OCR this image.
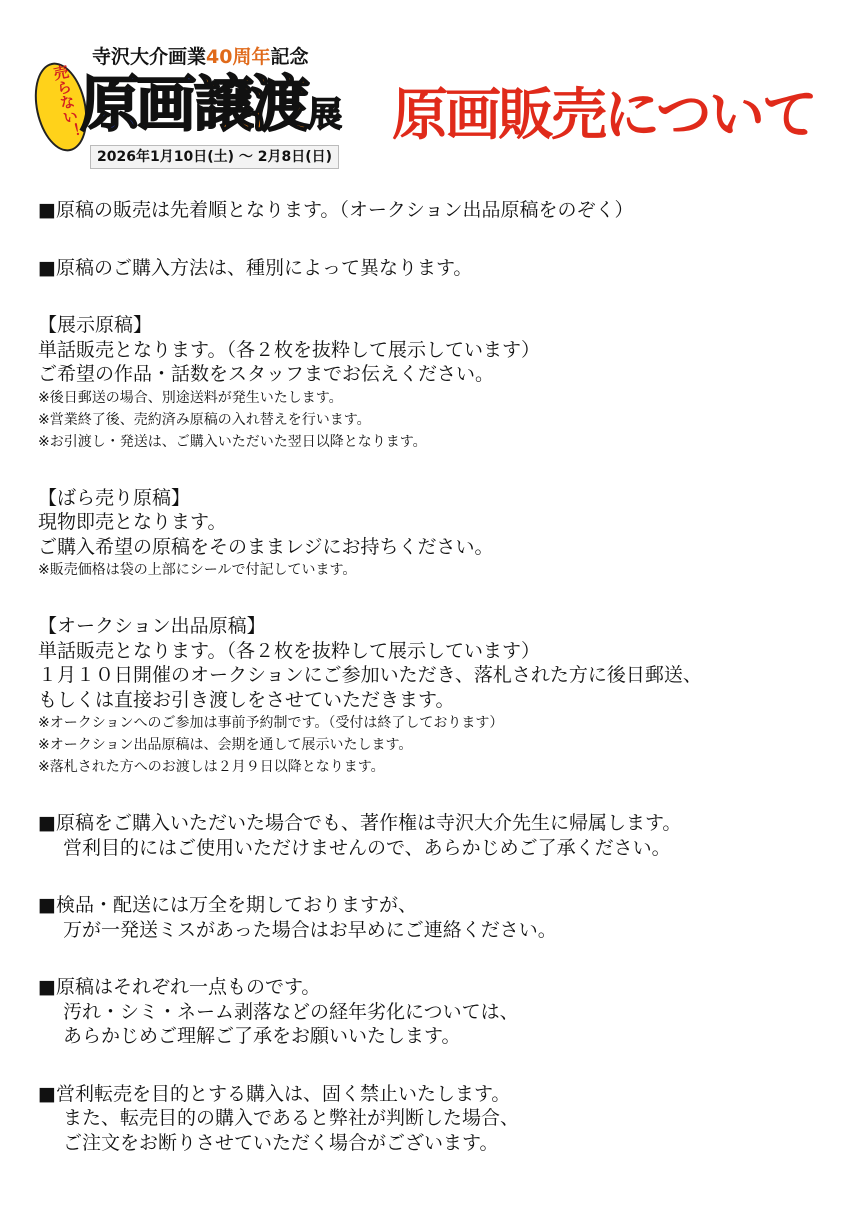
寺沢大介画業40周年記念
売らない！
原画 譲渡 展
2026年1月10日(土) ～ 2月8日(日)
原画販売について
■原稿の販売は先着順となります。（オークション出品原稿をのぞく）
■原稿のご購入方法は、種別によって異なります。
【展示原稿】
単話販売となります。（各２枚を抜粋して展示しています）
ご希望の作品・話数をスタッフまでお伝えください。
※後日郵送の場合、別途送料が発生いたします。
※営業終了後、売約済み原稿の入れ替えを行います。
※お引渡し・発送は、ご購入いただいた翌日以降となります。
【ばら売り原稿】
現物即売となります。
ご購入希望の原稿をそのままレジにお持ちください。
※販売価格は袋の上部にシールで付記しています。
【オークション出品原稿】
単話販売となります。（各２枚を抜粋して展示しています）
１月１０日開催のオークションにご参加いただき、落札された方に後日郵送、
もしくは直接お引き渡しをさせていただきます。
※オークションへのご参加は事前予約制です。（受付は終了しております）
※オークション出品原稿は、会期を通して展示いたします。
※落札された方へのお渡しは２月９日以降となります。
■原稿をご購入いただいた場合でも、著作権は寺沢大介先生に帰属します。
営利目的にはご使用いただけませんので、あらかじめご了承ください。
■検品・配送には万全を期しておりますが、
万が一発送ミスがあった場合はお早めにご連絡ください。
■原稿はそれぞれ一点ものです。
汚れ・シミ・ネーム剥落などの経年劣化については、
あらかじめご理解ご了承をお願いいたします。
■営利転売を目的とする購入は、固く禁止いたします。
また、転売目的の購入であると弊社が判断した場合、
ご注文をお断りさせていただく場合がございます。
